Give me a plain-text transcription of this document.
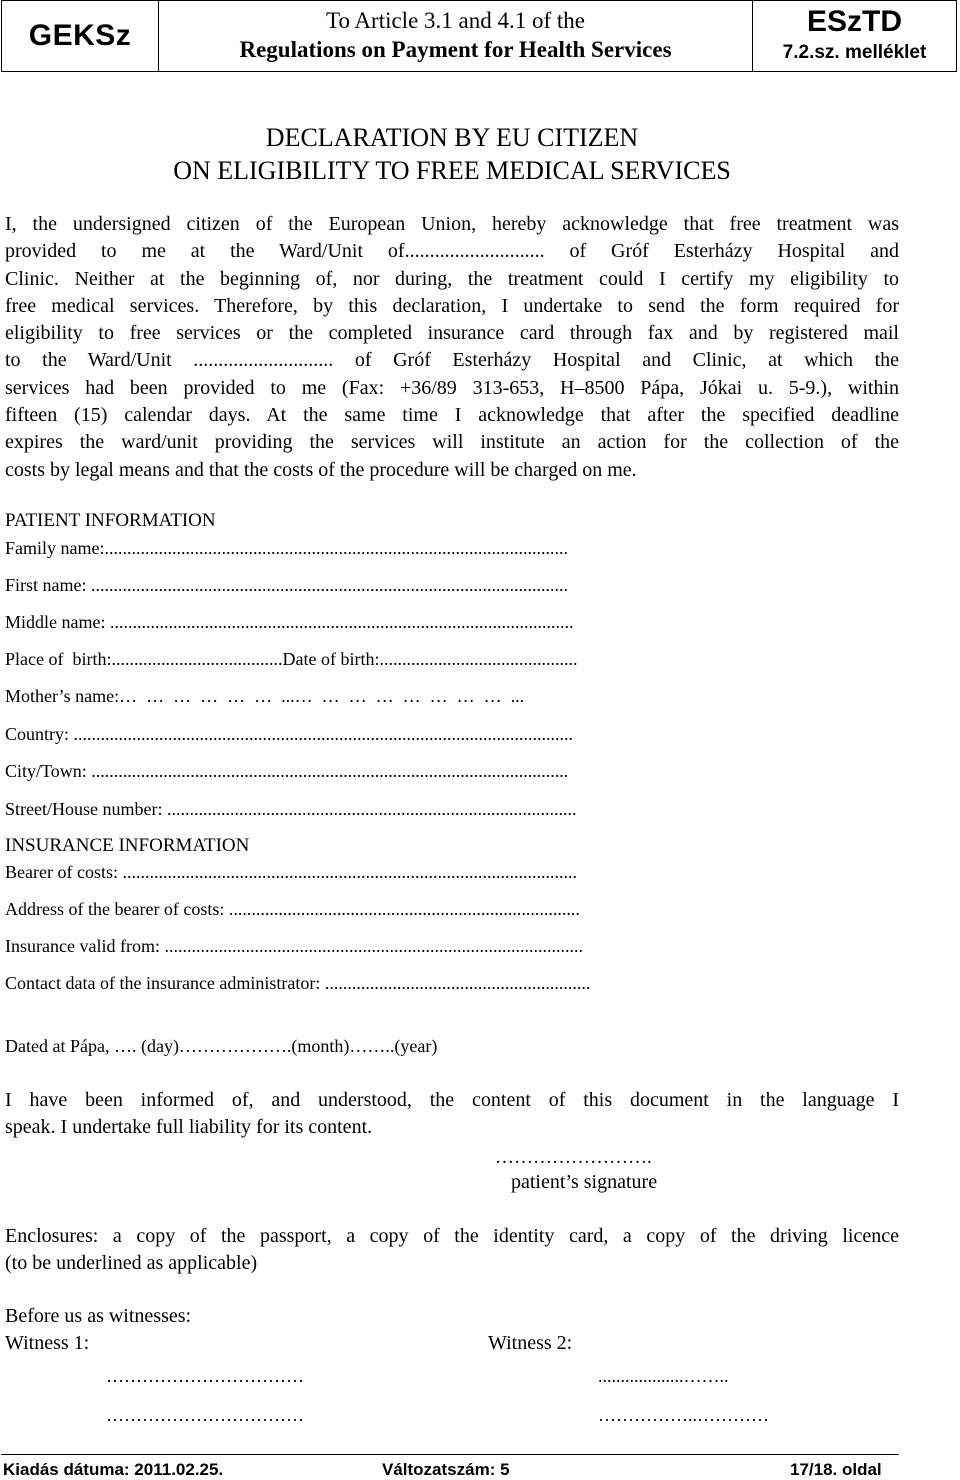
GEKSz	To Article 3.1 and 4.1 of the
Regulations on Payment for Health Services
ESzTD
7.2.sz. melléklet
DECLARATION BY EU CITIZEN
ON ELIGIBILITY TO FREE MEDICAL SERVICES
I, the undersigned citizen of the European Union, hereby acknowledge that free treatment was
provided to me at the Ward/Unit of............................ of Gróf Esterházy Hospital and
Clinic. Neither at the beginning of, nor during, the treatment could I certify my eligibility to
free medical services. Therefore, by this declaration, I undertake to send the form required for
eligibility to free services or the completed insurance card through fax and by registered mail
to the Ward/Unit ............................ of Gróf Esterházy Hospital and Clinic, at which the
services had been provided to me (Fax: +36/89 313-653, H–8500 Pápa, Jókai u. 5-9.), within
fifteen (15) calendar days. At the same time I acknowledge that after the specified deadline
expires the ward/unit providing the services will institute an action for the collection of the
costs by legal means and that the costs of the procedure will be charged on me.
PATIENT INFORMATION
Family name:.......................................................................................................
First name: ..........................................................................................................
Middle name: .......................................................................................................
Place of  birth:......................................Date of birth:............................................
Mother’s name:…  …  …  …  …  …  ...…  …  …  …  …  …  …  …  ...
Country: ...............................................................................................................
City/Town: ..........................................................................................................
Street/House number: ...........................................................................................
INSURANCE INFORMATION
Bearer of costs: .....................................................................................................
Address of the bearer of costs: ..............................................................................
Insurance valid from: .............................................................................................
Contact data of the insurance administrator: ...........................................................
Dated at Pápa, …. (day)……………….(month)……..(year)
I have been informed of, and understood, the content of this document in the language I
speak. I undertake full liability for its content.
…………………….
patient’s signature
Enclosures: a copy of the passport, a copy of the identity card, a copy of the driving licence
(to be underlined as applicable)
Before us as witnesses:
Witness 1:	Witness 2:
……………………………	...................……..
……………………………	……………..…………
Kiadás dátuma: 2011.02.25.	Változatszám: 5	17/18. oldal
